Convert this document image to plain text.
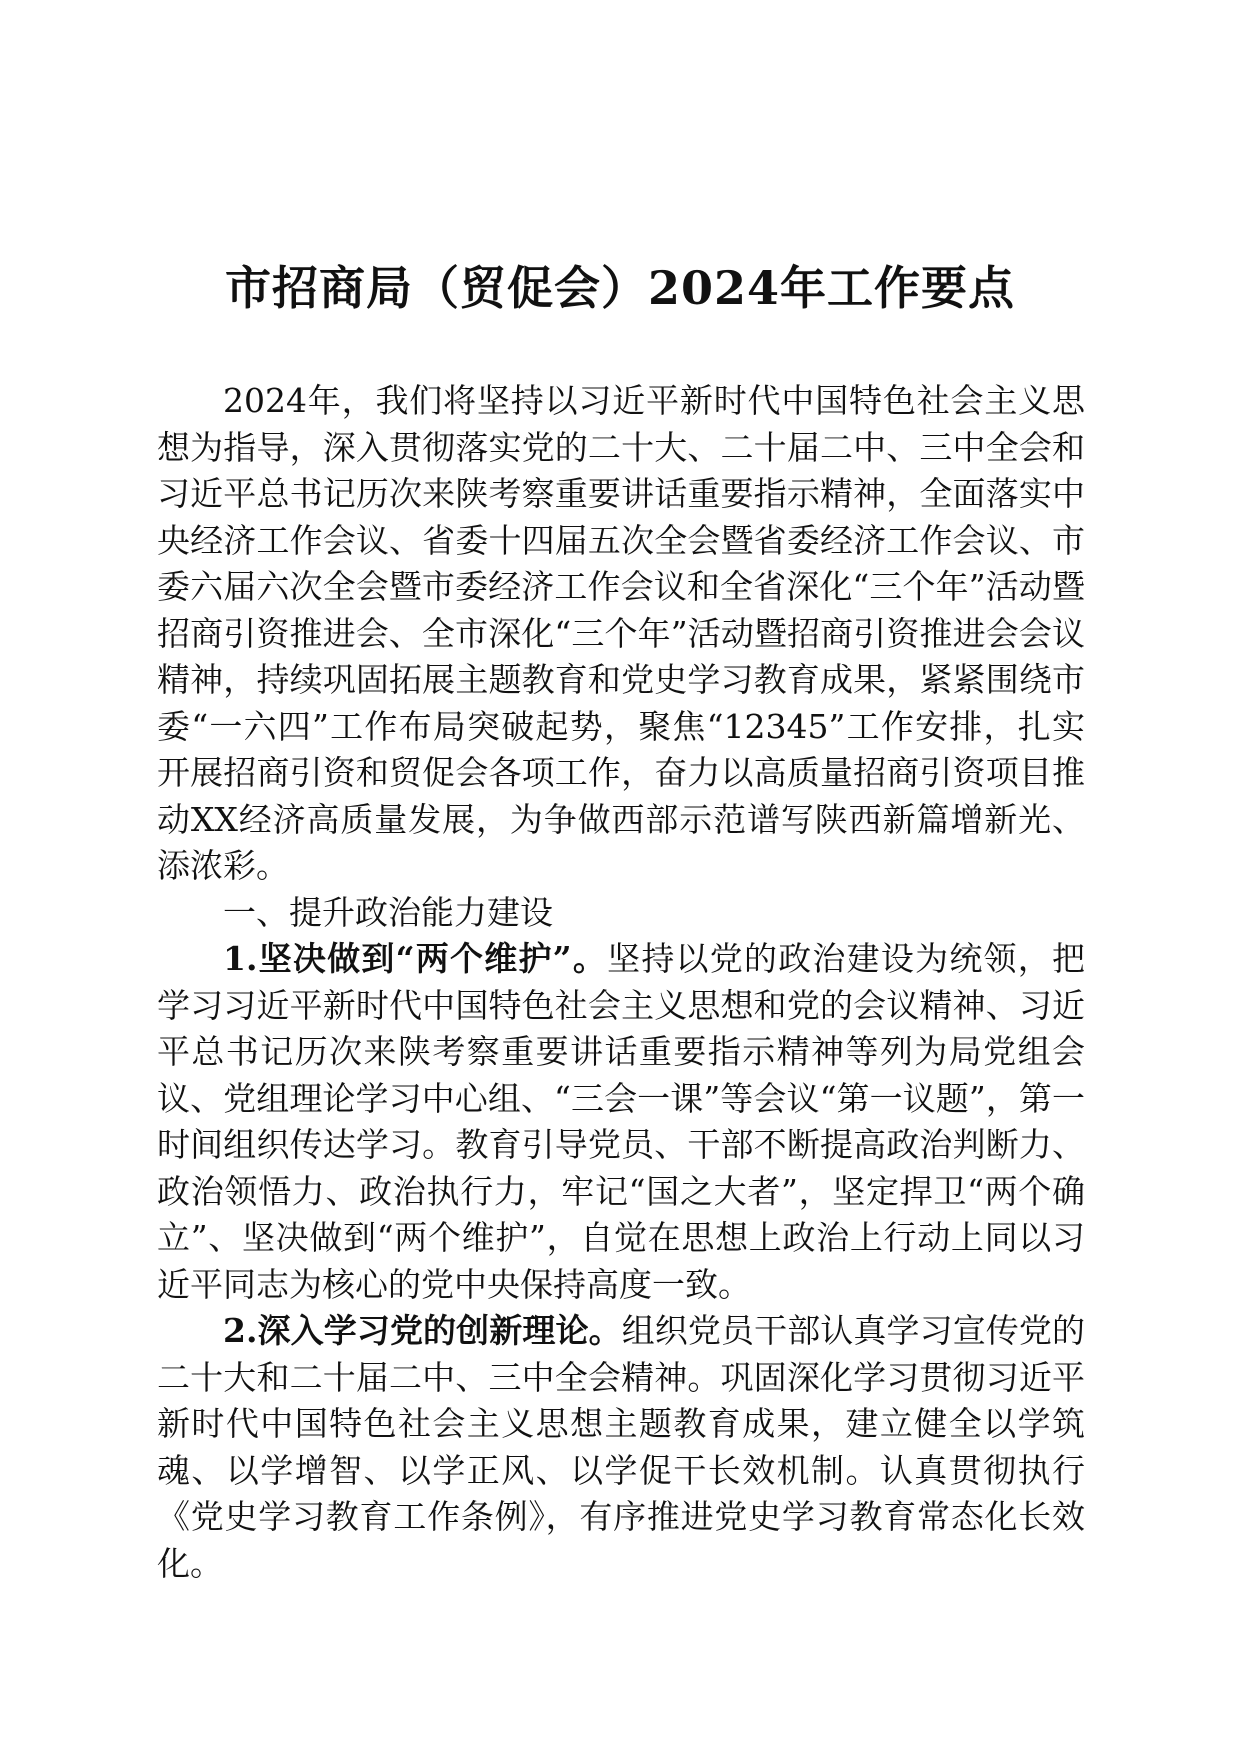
市招商局（贸促会）2024年工作要点

2024年，我们将坚持以习近平新时代中国特色社会主义思想为指导，深入贯彻落实党的二十大、二十届二中、三中全会和习近平总书记历次来陕考察重要讲话重要指示精神，全面落实中央经济工作会议、省委十四届五次全会暨省委经济工作会议、市委六届六次全会暨市委经济工作会议和全省深化“三个年”活动暨招商引资推进会、全市深化“三个年”活动暨招商引资推进会会议精神，持续巩固拓展主题教育和党史学习教育成果，紧紧围绕市委“一六四”工作布局突破起势，聚焦“12345”工作安排，扎实开展招商引资和贸促会各项工作，奋力以高质量招商引资项目推动XX经济高质量发展，为争做西部示范谱写陕西新篇增新光、添浓彩。

一、提升政治能力建设

1.坚决做到“两个维护”。坚持以党的政治建设为统领，把学习习近平新时代中国特色社会主义思想和党的会议精神、习近平总书记历次来陕考察重要讲话重要指示精神等列为局党组会议、党组理论学习中心组、“三会一课”等会议“第一议题”，第一时间组织传达学习。教育引导党员、干部不断提高政治判断力、政治领悟力、政治执行力，牢记“国之大者”，坚定捍卫“两个确立”、坚决做到“两个维护”，自觉在思想上政治上行动上同以习近平同志为核心的党中央保持高度一致。

2.深入学习党的创新理论。组织党员干部认真学习宣传党的二十大和二十届二中、三中全会精神。巩固深化学习贯彻习近平新时代中国特色社会主义思想主题教育成果，建立健全以学筑魂、以学增智、以学正风、以学促干长效机制。认真贯彻执行《党史学习教育工作条例》，有序推进党史学习教育常态化长效化。
